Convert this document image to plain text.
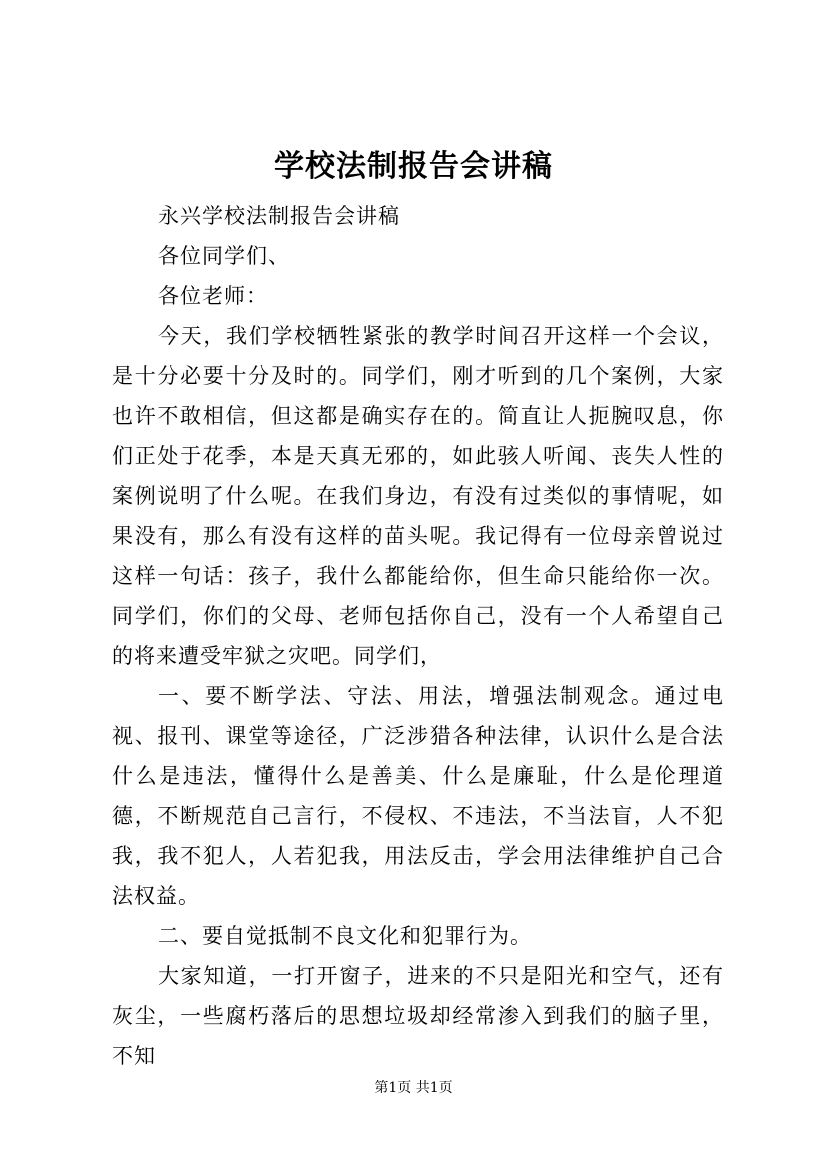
学校法制报告会讲稿

永兴学校法制报告会讲稿

各位同学们、

各位老师：

今天，我们学校牺牲紧张的教学时间召开这样一个会议，是十分必要十分及时的。同学们，刚才听到的几个案例，大家也许不敢相信，但这都是确实存在的。简直让人扼腕叹息，你们正处于花季，本是天真无邪的，如此骇人听闻、丧失人性的案例说明了什么呢。在我们身边，有没有过类似的事情呢，如果没有，那么有没有这样的苗头呢。我记得有一位母亲曾说过这样一句话：孩子，我什么都能给你，但生命只能给你一次。同学们，你们的父母、老师包括你自己，没有一个人希望自己的将来遭受牢狱之灾吧。同学们，

一、要不断学法、守法、用法，增强法制观念。通过电视、报刊、课堂等途径，广泛涉猎各种法律，认识什么是合法什么是违法，懂得什么是善美、什么是廉耻，什么是伦理道德，不断规范自己言行，不侵权、不违法，不当法盲，人不犯我，我不犯人，人若犯我，用法反击，学会用法律维护自己合法权益。

二、要自觉抵制不良文化和犯罪行为。

大家知道，一打开窗子，进来的不只是阳光和空气，还有灰尘，一些腐朽落后的思想垃圾却经常渗入到我们的脑子里，不知

第1页 共1页
